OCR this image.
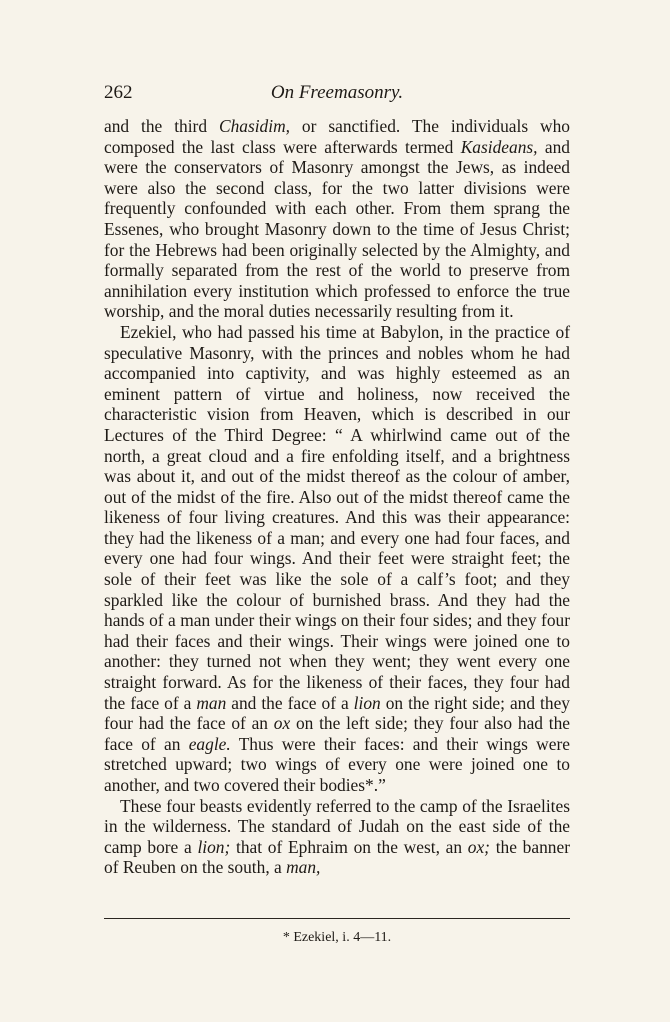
262	On Freemasonry.

and the third Chasidim, or sanctified. The individuals who composed the last class were afterwards termed Kasideans, and were the conservators of Masonry amongst the Jews, as indeed were also the second class, for the two latter divisions were frequently confounded with each other. From them sprang the Essenes, who brought Masonry down to the time of Jesus Christ; for the Hebrews had been originally selected by the Almighty, and formally separated from the rest of the world to preserve from annihilation every institution which professed to enforce the true worship, and the moral duties necessarily resulting from it.

Ezekiel, who had passed his time at Babylon, in the practice of speculative Masonry, with the princes and nobles whom he had accompanied into captivity, and was highly esteemed as an eminent pattern of virtue and holiness, now received the characteristic vision from Heaven, which is described in our Lectures of the Third Degree: “ A whirlwind came out of the north, a great cloud and a fire enfolding itself, and a brightness was about it, and out of the midst thereof as the colour of amber, out of the midst of the fire. Also out of the midst thereof came the likeness of four living creatures. And this was their appearance: they had the likeness of a man; and every one had four faces, and every one had four wings. And their feet were straight feet; the sole of their feet was like the sole of a calf’s foot; and they sparkled like the colour of burnished brass. And they had the hands of a man under their wings on their four sides; and they four had their faces and their wings. Their wings were joined one to another: they turned not when they went; they went every one straight forward. As for the likeness of their faces, they four had the face of a man and the face of a lion on the right side; and they four had the face of an ox on the left side; they four also had the face of an eagle. Thus were their faces: and their wings were stretched upward; two wings of every one were joined one to another, and two covered their bodies*.”

These four beasts evidently referred to the camp of the Israelites in the wilderness. The standard of Judah on the east side of the camp bore a lion; that of Ephraim on the west, an ox; the banner of Reuben on the south, a man,

* Ezekiel, i. 4—11.
